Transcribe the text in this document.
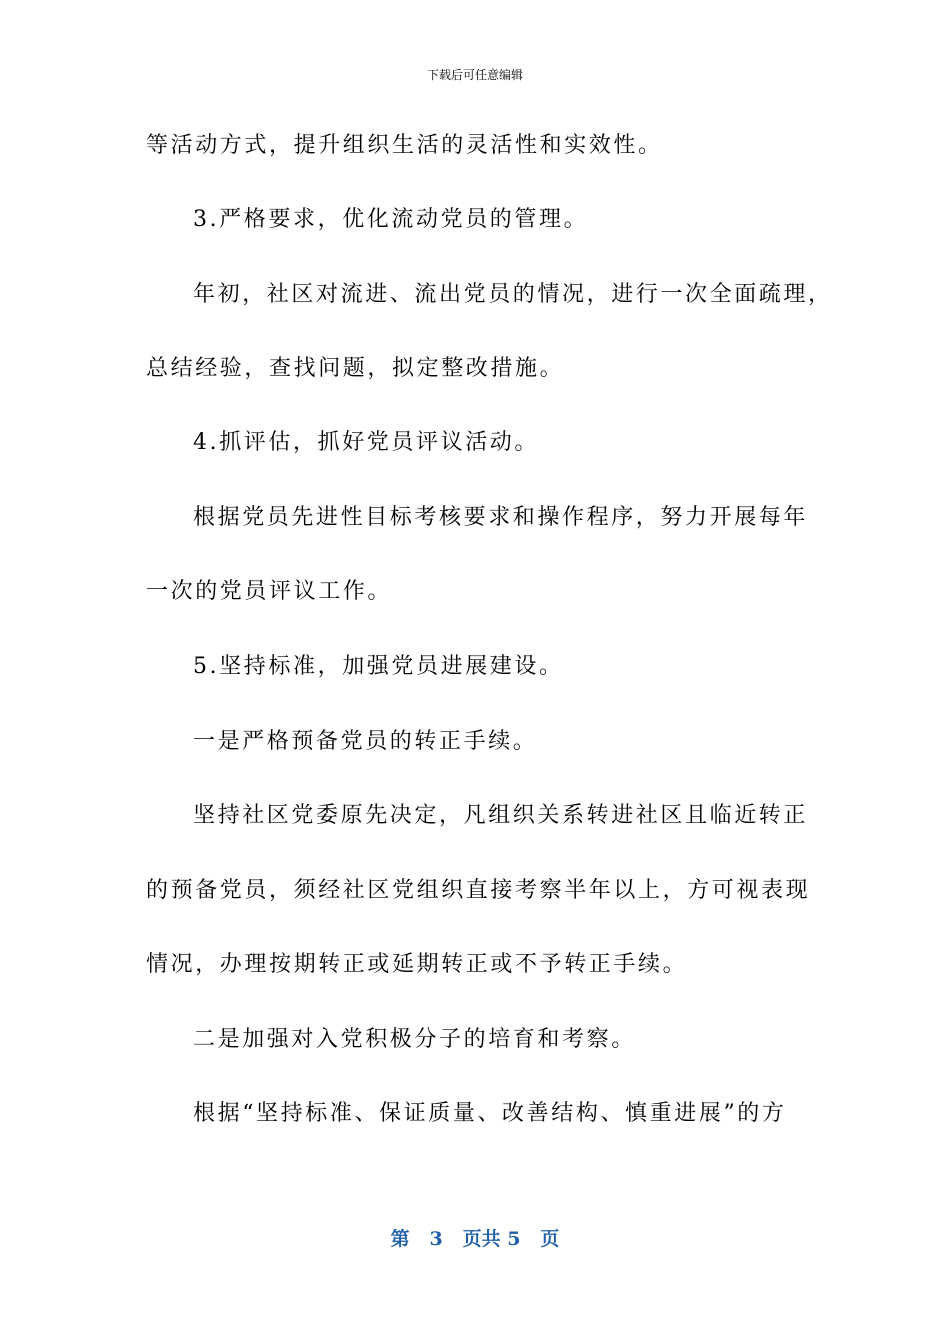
下载后可任意编辑
等活动方式，提升组织生活的灵活性和实效性。
3.严格要求，优化流动党员的管理。
年初，社区对流进、流出党员的情况，进行一次全面疏理，
总结经验，查找问题，拟定整改措施。
4.抓评估，抓好党员评议活动。
根据党员先进性目标考核要求和操作程序，努力开展每年
一次的党员评议工作。
5.坚持标准，加强党员进展建设。
一是严格预备党员的转正手续。
坚持社区党委原先决定，凡组织关系转进社区且临近转正
的预备党员，须经社区党组织直接考察半年以上，方可视表现
情况，办理按期转正或延期转正或不予转正手续。
二是加强对入党积极分子的培育和考察。
根据“坚持标准、保证质量、改善结构、慎重进展”的方
第 3 页共 5 页
